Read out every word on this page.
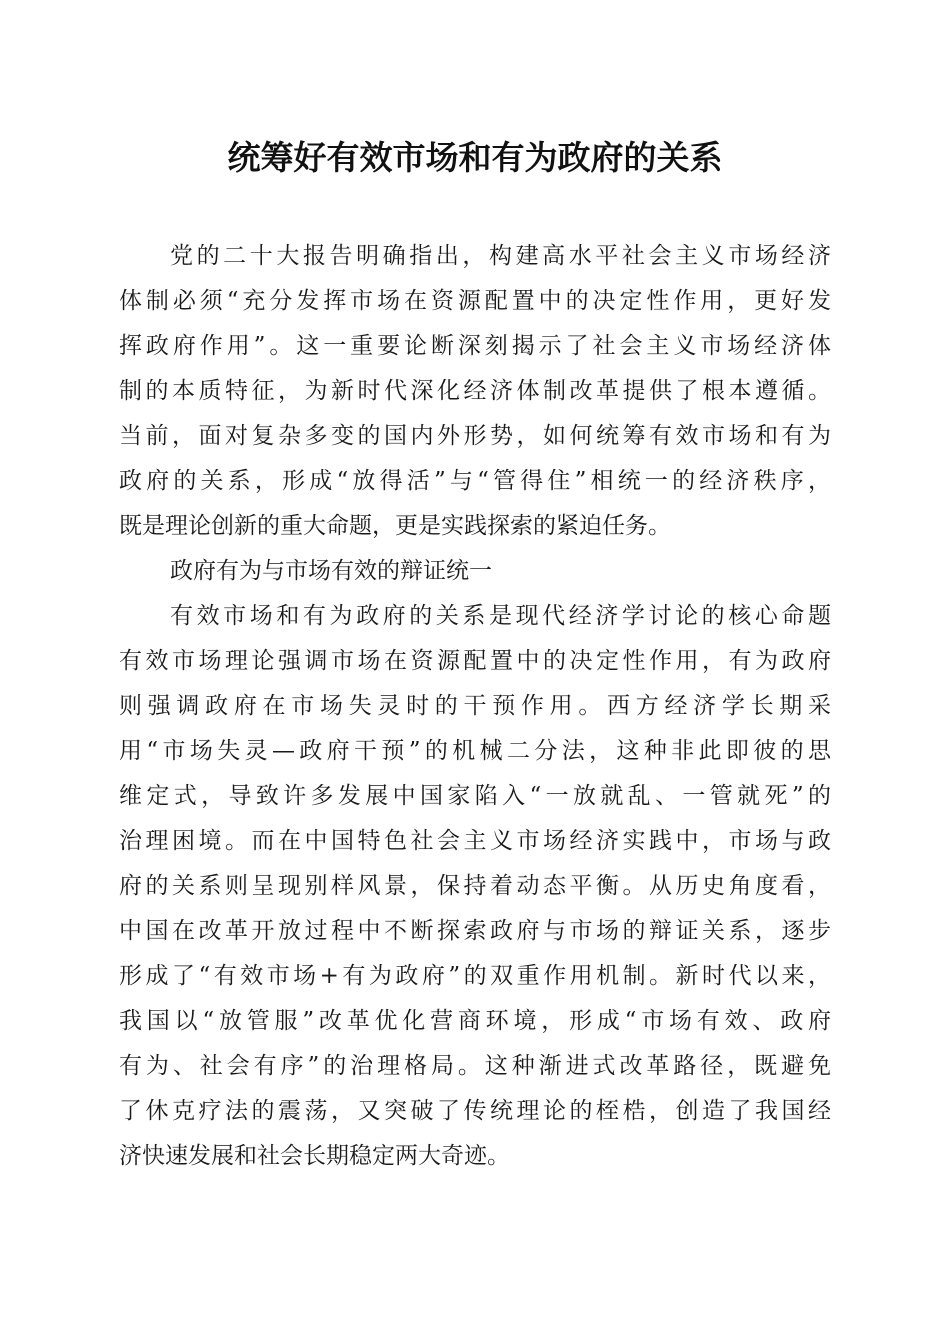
统筹好有效市场和有为政府的关系
党的二十大报告明确指出，构建高水平社会主义市场经济
体制必须“充分发挥市场在资源配置中的决定性作用，更好发
挥政府作用”。这一重要论断深刻揭示了社会主义市场经济体
制的本质特征，为新时代深化经济体制改革提供了根本遵循。
当前，面对复杂多变的国内外形势，如何统筹有效市场和有为
政府的关系，形成“放得活”与“管得住”相统一的经济秩序，
既是理论创新的重大命题，更是实践探索的紧迫任务。
政府有为与市场有效的辩证统一
有效市场和有为政府的关系是现代经济学讨论的核心命题
有效市场理论强调市场在资源配置中的决定性作用，有为政府
则强调政府在市场失灵时的干预作用。西方经济学长期采
用“市场失灵—政府干预”的机械二分法，这种非此即彼的思
维定式，导致许多发展中国家陷入“一放就乱、一管就死”的
治理困境。而在中国特色社会主义市场经济实践中，市场与政
府的关系则呈现别样风景，保持着动态平衡。从历史角度看，
中国在改革开放过程中不断探索政府与市场的辩证关系，逐步
形成了“有效市场+有为政府”的双重作用机制。新时代以来，
我国以“放管服”改革优化营商环境，形成“市场有效、政府
有为、社会有序”的治理格局。这种渐进式改革路径，既避免
了休克疗法的震荡，又突破了传统理论的桎梏，创造了我国经
济快速发展和社会长期稳定两大奇迹。
